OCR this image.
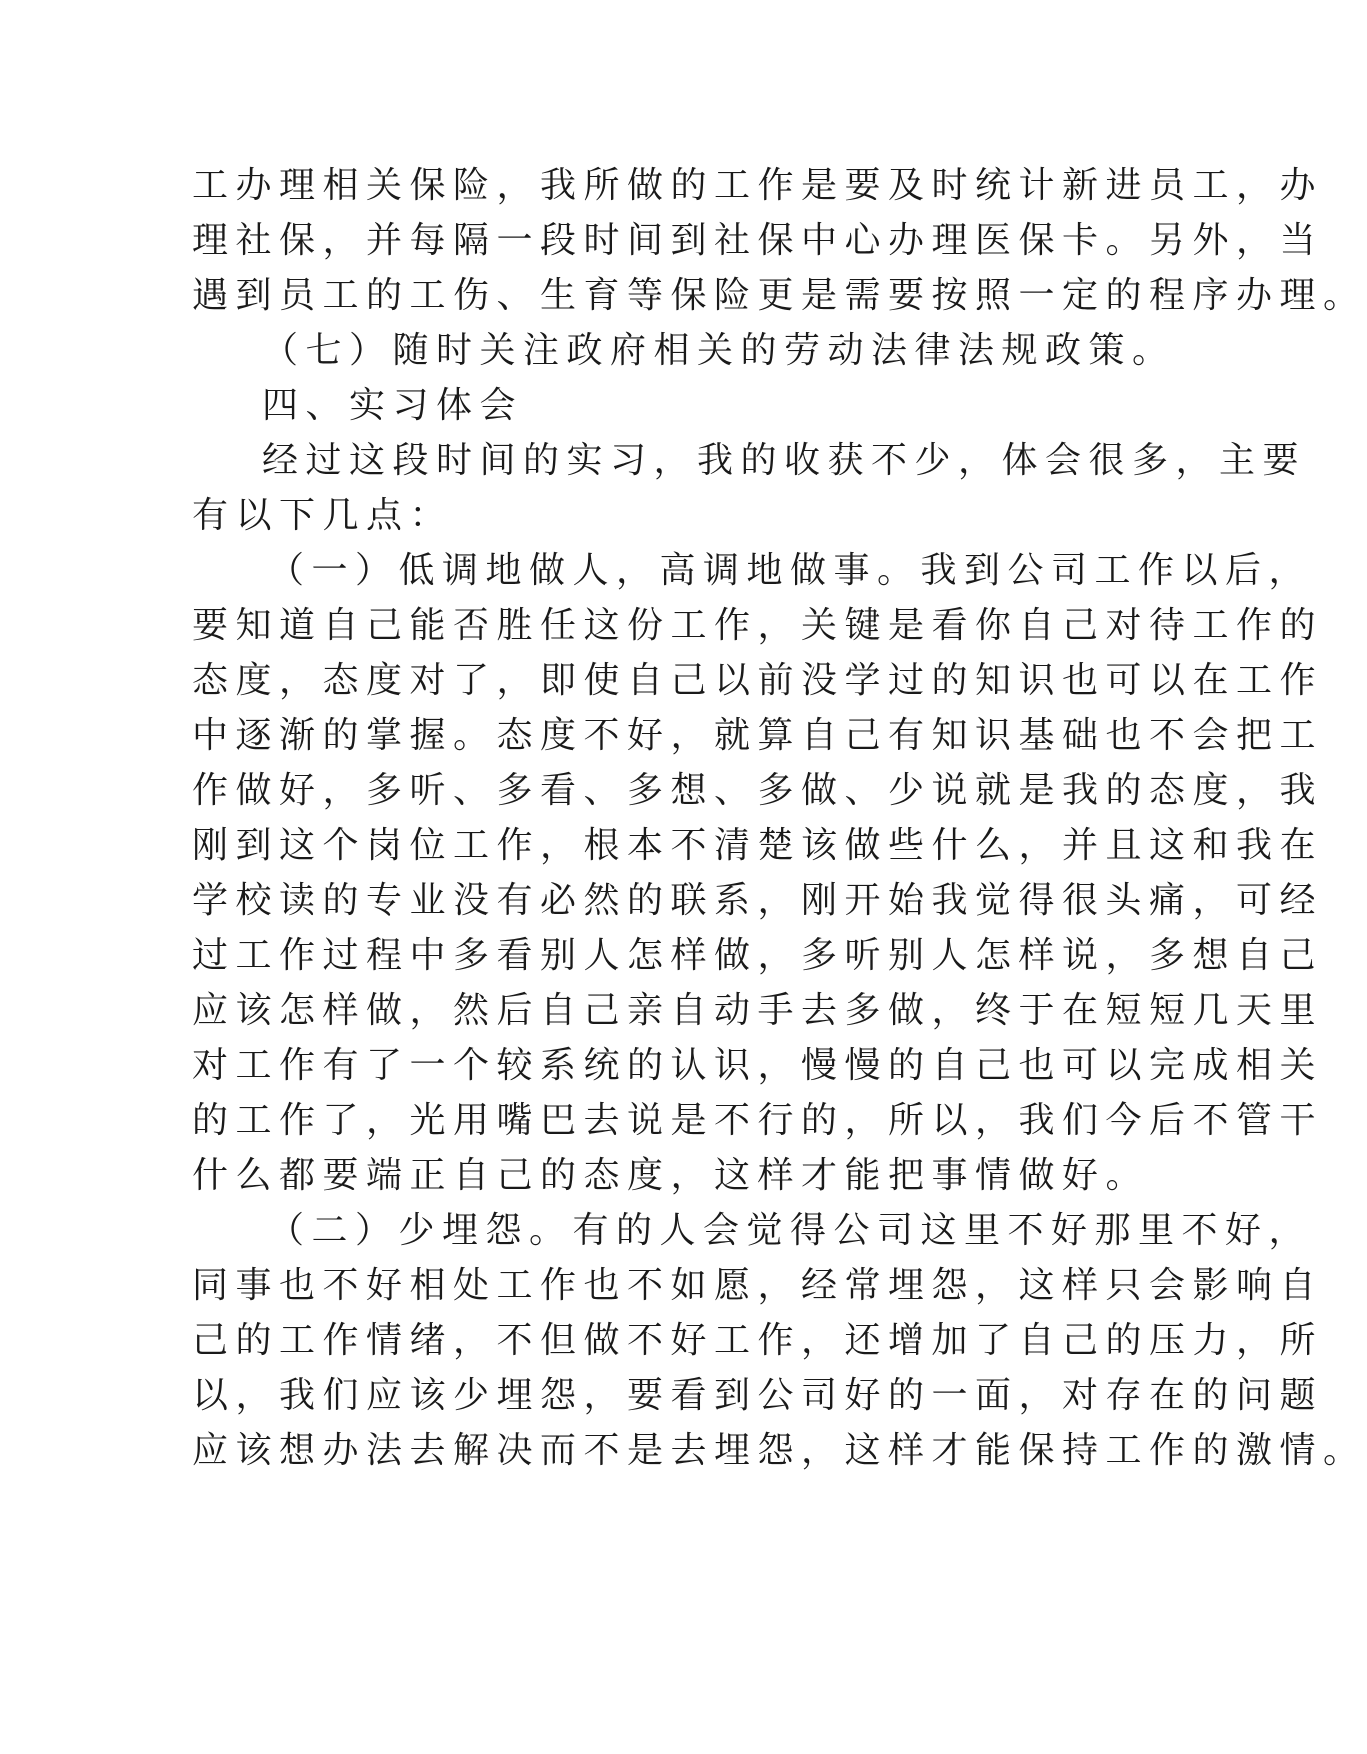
工办理相关保险，我所做的工作是要及时统计新进员工，办
理社保，并每隔一段时间到社保中心办理医保卡。另外，当
遇到员工的工伤、生育等保险更是需要按照一定的程序办理。
（七）随时关注政府相关的劳动法律法规政策。
四、实习体会
经过这段时间的实习，我的收获不少，体会很多，主要
有以下几点：
（一）低调地做人，高调地做事。我到公司工作以后，
要知道自己能否胜任这份工作，关键是看你自己对待工作的
态度，态度对了，即使自己以前没学过的知识也可以在工作
中逐渐的掌握。态度不好，就算自己有知识基础也不会把工
作做好，多听、多看、多想、多做、少说就是我的态度，我
刚到这个岗位工作，根本不清楚该做些什么，并且这和我在
学校读的专业没有必然的联系，刚开始我觉得很头痛，可经
过工作过程中多看别人怎样做，多听别人怎样说，多想自己
应该怎样做，然后自己亲自动手去多做，终于在短短几天里
对工作有了一个较系统的认识，慢慢的自己也可以完成相关
的工作了，光用嘴巴去说是不行的，所以，我们今后不管干
什么都要端正自己的态度，这样才能把事情做好。
（二）少埋怨。有的人会觉得公司这里不好那里不好，
同事也不好相处工作也不如愿，经常埋怨，这样只会影响自
己的工作情绪，不但做不好工作，还增加了自己的压力，所
以，我们应该少埋怨，要看到公司好的一面，对存在的问题
应该想办法去解决而不是去埋怨，这样才能保持工作的激情。
